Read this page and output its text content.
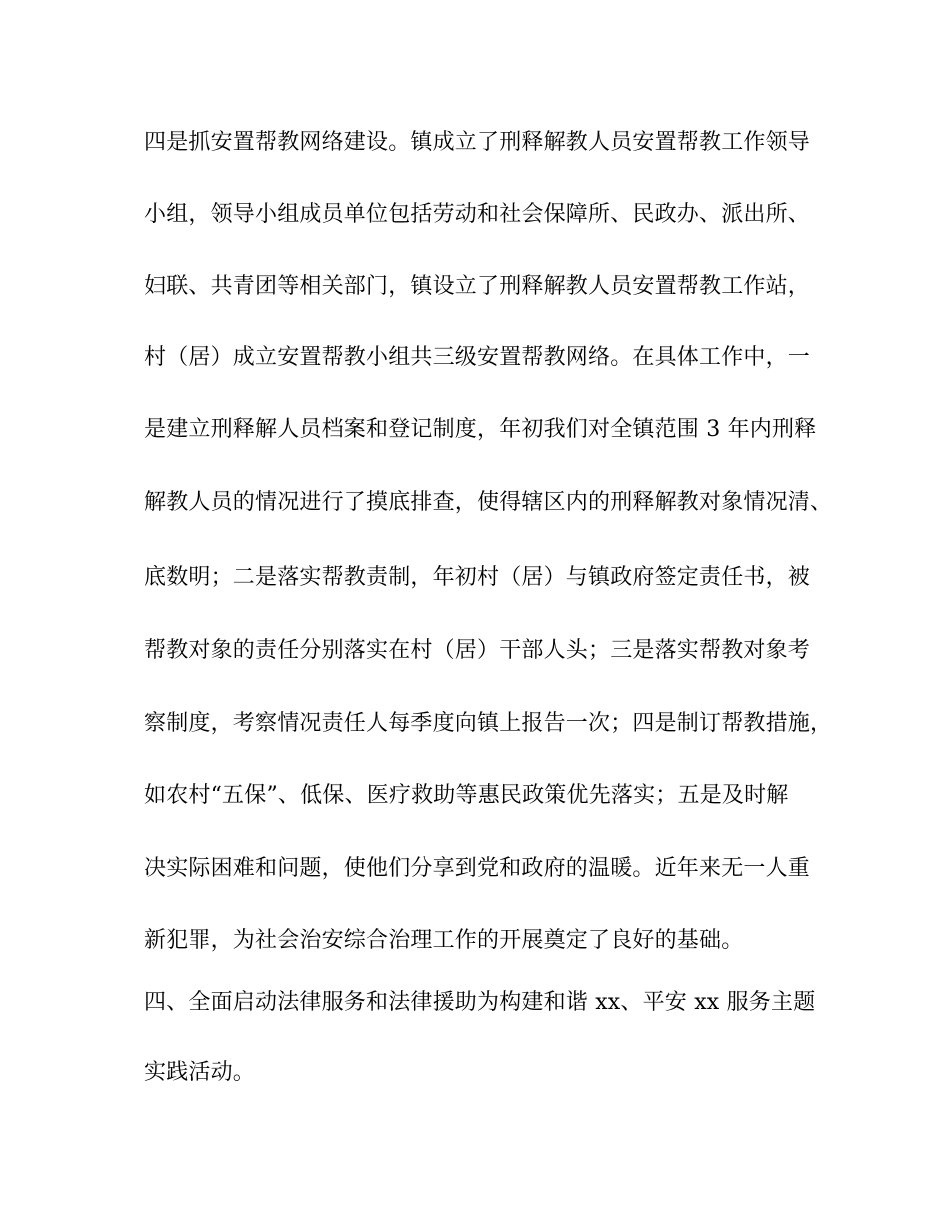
四是抓安置帮教网络建设。镇成立了刑释解教人员安置帮教工作领导
小组，领导小组成员单位包括劳动和社会保障所、民政办、派出所、
妇联、共青团等相关部门，镇设立了刑释解教人员安置帮教工作站，
村（居）成立安置帮教小组共三级安置帮教网络。在具体工作中，一
是建立刑释解人员档案和登记制度，年初我们对全镇范围 3 年内刑释
解教人员的情况进行了摸底排查，使得辖区内的刑释解教对象情况清、
底数明；二是落实帮教责制，年初村（居）与镇政府签定责任书，被
帮教对象的责任分别落实在村（居）干部人头；三是落实帮教对象考
察制度，考察情况责任人每季度向镇上报告一次；四是制订帮教措施，
如农村“五保”、低保、医疗救助等惠民政策优先落实；五是及时解
决实际困难和问题，使他们分享到党和政府的温暖。近年来无一人重
新犯罪，为社会治安综合治理工作的开展奠定了良好的基础。
四、全面启动法律服务和法律援助为构建和谐 xx、平安 xx 服务主题
实践活动。
